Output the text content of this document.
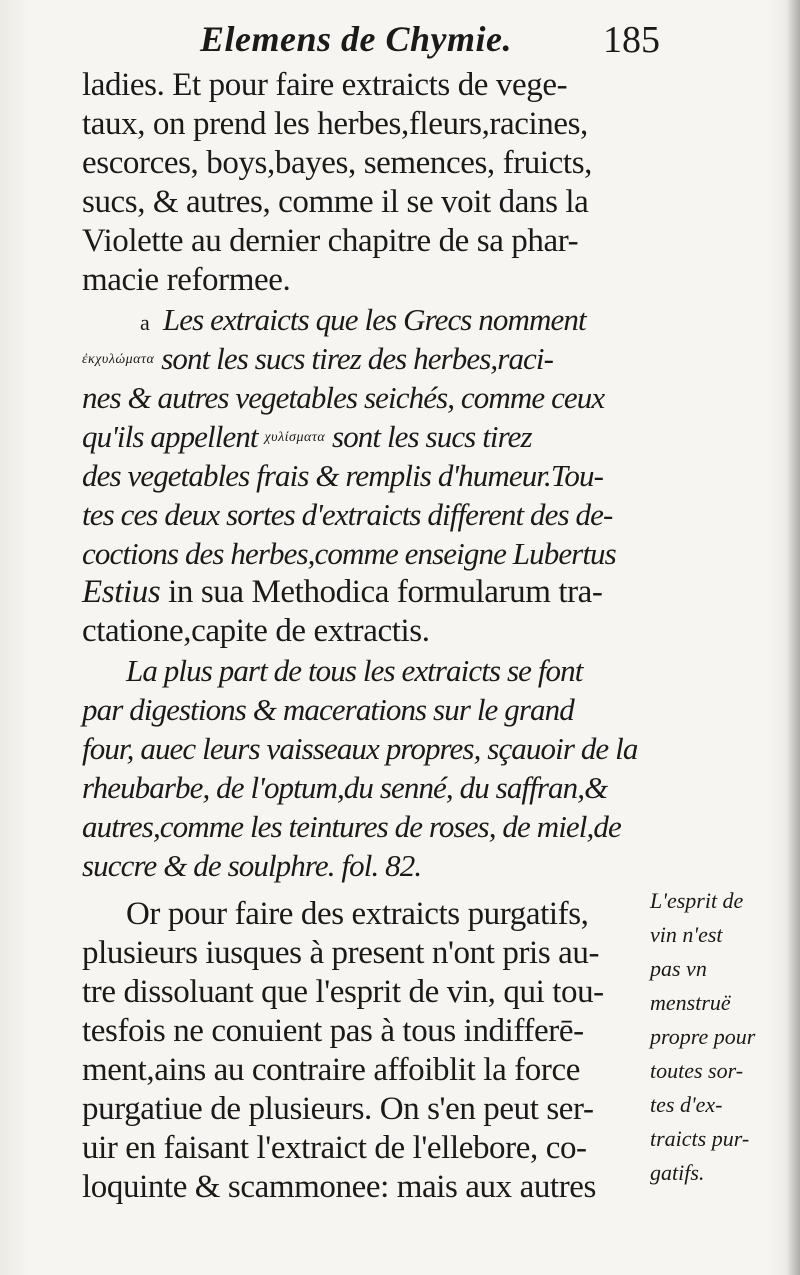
Elemens de Chymie. 185
ladies. Et pour faire extraicts de vege-
taux, on prend les herbes,fleurs,racines,
escorces, boys,bayes, semences, fruicts,
sucs, & autres, comme il se voit dans la
Violette au dernier chapitre de sa phar-
macie reformee.
a Les extraicts que les Grecs nomment
ἐκχυλώματα sont les sucs tirez des herbes,raci-
nes & autres vegetables seichés, comme ceux
qu'ils appellent χυλίσματα sont les sucs tirez
des vegetables frais & remplis d'humeur.Tou-
tes ces deux sortes d'extraicts different des de-
coctions des herbes,comme enseigne Lubertus
Estius in sua Methodica formularum tra-
ctatione,capite de extractis.
La plus part de tous les extraicts se font
par digestions & macerations sur le grand
four, auec leurs vaisseaux propres, sçauoir de la
rheubarbe, de l'optum,du senné, du saffran,&
autres,comme les teintures de roses, de miel,de
succre & de soulphre. fol. 82.
Or pour faire des extraicts purgatifs,
plusieurs iusques à present n'ont pris au-
tre dissoluant que l'esprit de vin, qui tou-
tesfois ne conuient pas à tous indifferē-
ment,ains au contraire affoiblit la force
purgatiue de plusieurs. On s'en peut ser-
uir en faisant l'extraict de l'ellebore, co-
loquinte & scammonee: mais aux autres
L'esprit de
vin n'est
pas vn
menstruë
propre pour
toutes sor-
tes d'ex-
traicts pur-
gatifs.
